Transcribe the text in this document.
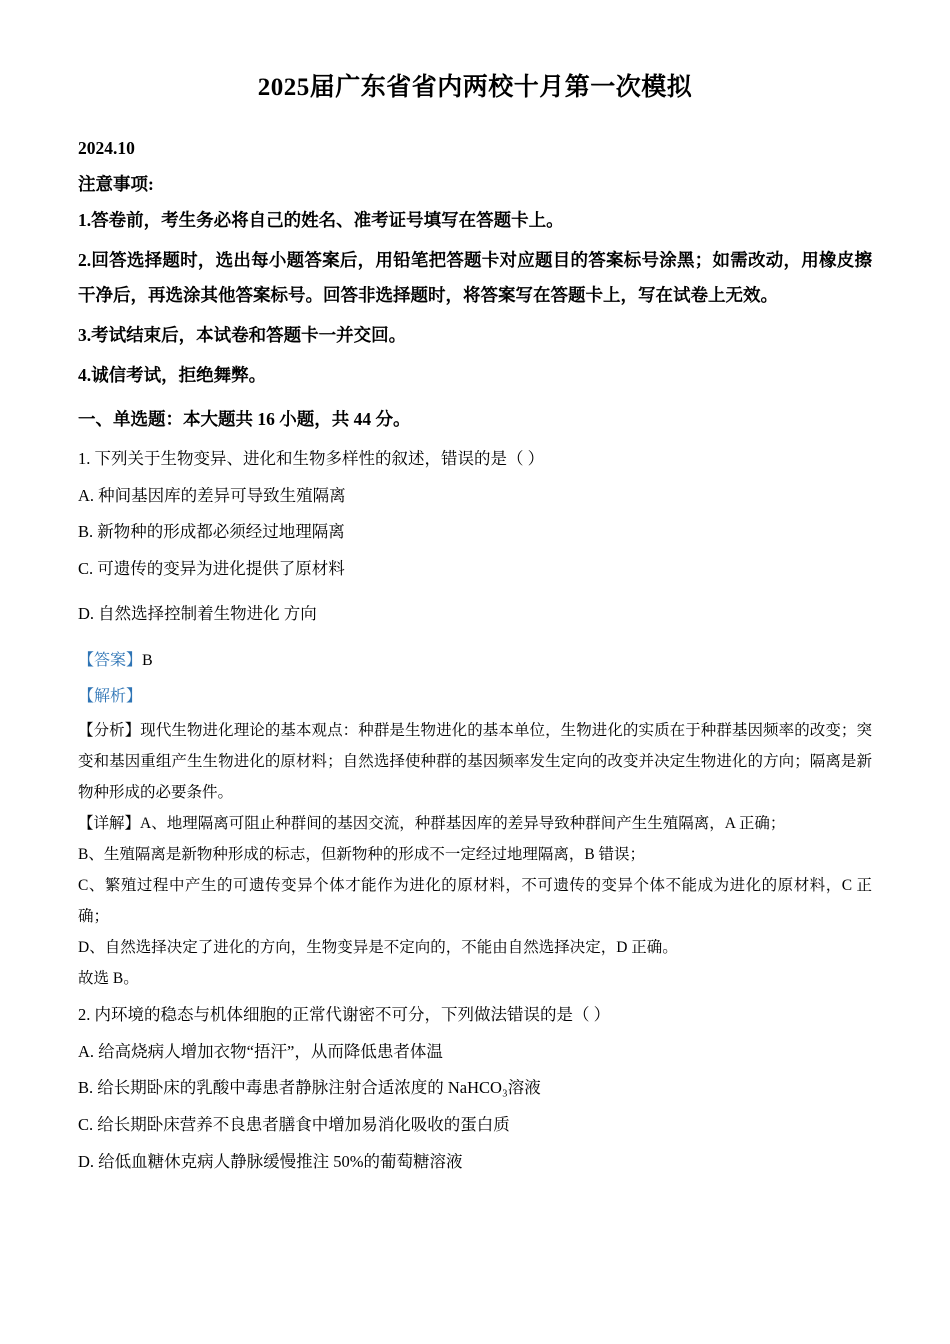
2025届广东省省内两校十月第一次模拟

2024.10

注意事项:

1.答卷前，考生务必将自己的姓名、准考证号填写在答题卡上。

2.回答选择题时，选出每小题答案后，用铅笔把答题卡对应题目的答案标号涂黑；如需改动，用橡皮擦干净后，再选涂其他答案标号。回答非选择题时，将答案写在答题卡上，写在试卷上无效。

3.考试结束后，本试卷和答题卡一并交回。

4.诚信考试，拒绝舞弊。

一、单选题：本大题共 16 小题，共 44 分。

1. 下列关于生物变异、进化和生物多样性的叙述，错误的是（ ）

A. 种间基因库的差异可导致生殖隔离

B. 新物种的形成都必须经过地理隔离

C. 可遗传的变异为进化提供了原材料

D. 自然选择控制着生物进化 方向

【答案】B

【解析】

【分析】现代生物进化理论的基本观点：种群是生物进化的基本单位，生物进化的实质在于种群基因频率的改变；突变和基因重组产生生物进化的原材料；自然选择使种群的基因频率发生定向的改变并决定生物进化的方向；隔离是新物种形成的必要条件。

【详解】A、地理隔离可阻止种群间的基因交流，种群基因库的差异导致种群间产生生殖隔离，A 正确；

B、生殖隔离是新物种形成的标志，但新物种的形成不一定经过地理隔离，B 错误；

C、繁殖过程中产生的可遗传变异个体才能作为进化的原材料，不可遗传的变异个体不能成为进化的原材料，C 正确；

D、自然选择决定了进化的方向，生物变异是不定向的，不能由自然选择决定，D 正确。

故选 B。

2. 内环境的稳态与机体细胞的正常代谢密不可分，下列做法错误的是（ ）

A. 给高烧病人增加衣物“捂汗”，从而降低患者体温

B. 给长期卧床的乳酸中毒患者静脉注射合适浓度的 NaHCO₃溶液

C. 给长期卧床营养不良患者膳食中增加易消化吸收的蛋白质

D. 给低血糖休克病人静脉缓慢推注 50%的葡萄糖溶液
